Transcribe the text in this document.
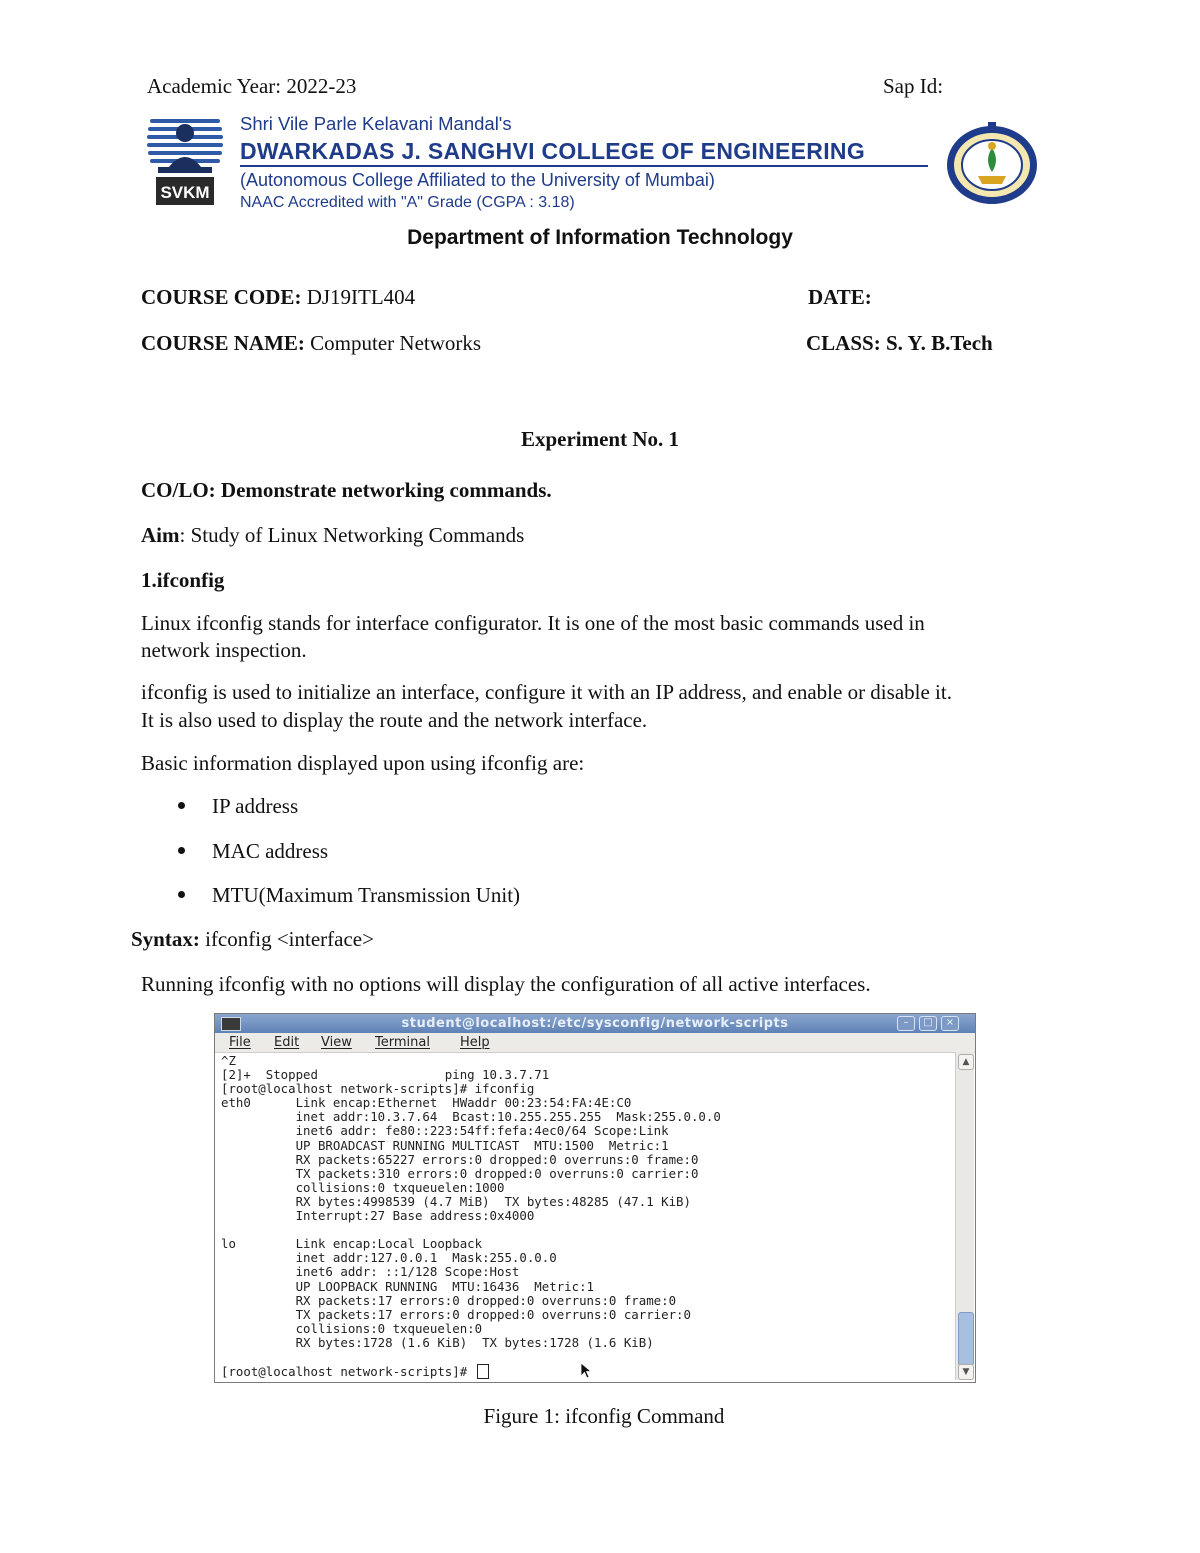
Academic Year: 2022-23	Sap Id:
SVKM
Shri Vile Parle Kelavani Mandal's
DWARKADAS J. SANGHVI COLLEGE OF ENGINEERING
(Autonomous College Affiliated to the University of Mumbai)
NAAC Accredited with "A" Grade (CGPA : 3.18)
Department of Information Technology
COURSE CODE: DJ19ITL404	DATE:
COURSE NAME: Computer Networks	CLASS: S. Y. B.Tech
Experiment No. 1
CO/LO: Demonstrate networking commands.
Aim: Study of Linux Networking Commands
1.ifconfig
Linux ifconfig stands for interface configurator. It is one of the most basic commands used in
network inspection.
ifconfig is used to initialize an interface, configure it with an IP address, and enable or disable it.
It is also used to display the route and the network interface.
Basic information displayed upon using ifconfig are:
IP address
MAC address
MTU(Maximum Transmission Unit)
Syntax: ifconfig <interface>
Running ifconfig with no options will display the configuration of all active interfaces.
student@localhost:/etc/sysconfig/network-scripts	–	□	×
File Edit View Terminal Help
^Z
[2]+  Stopped                 ping 10.3.7.71
[root@localhost network-scripts]# ifconfig
eth0      Link encap:Ethernet  HWaddr 00:23:54:FA:4E:C0
inet addr:10.3.7.64  Bcast:10.255.255.255  Mask:255.0.0.0
inet6 addr: fe80::223:54ff:fefa:4ec0/64 Scope:Link
UP BROADCAST RUNNING MULTICAST  MTU:1500  Metric:1
RX packets:65227 errors:0 dropped:0 overruns:0 frame:0
TX packets:310 errors:0 dropped:0 overruns:0 carrier:0
collisions:0 txqueuelen:1000
RX bytes:4998539 (4.7 MiB)  TX bytes:48285 (47.1 KiB)
Interrupt:27 Base address:0x4000
lo        Link encap:Local Loopback
inet addr:127.0.0.1  Mask:255.0.0.0
inet6 addr: ::1/128 Scope:Host
UP LOOPBACK RUNNING  MTU:16436  Metric:1
RX packets:17 errors:0 dropped:0 overruns:0 frame:0
TX packets:17 errors:0 dropped:0 overruns:0 carrier:0
collisions:0 txqueuelen:0
RX bytes:1728 (1.6 KiB)  TX bytes:1728 (1.6 KiB)
[root@localhost network-scripts]#
▲
▼
Figure 1: ifconfig Command
